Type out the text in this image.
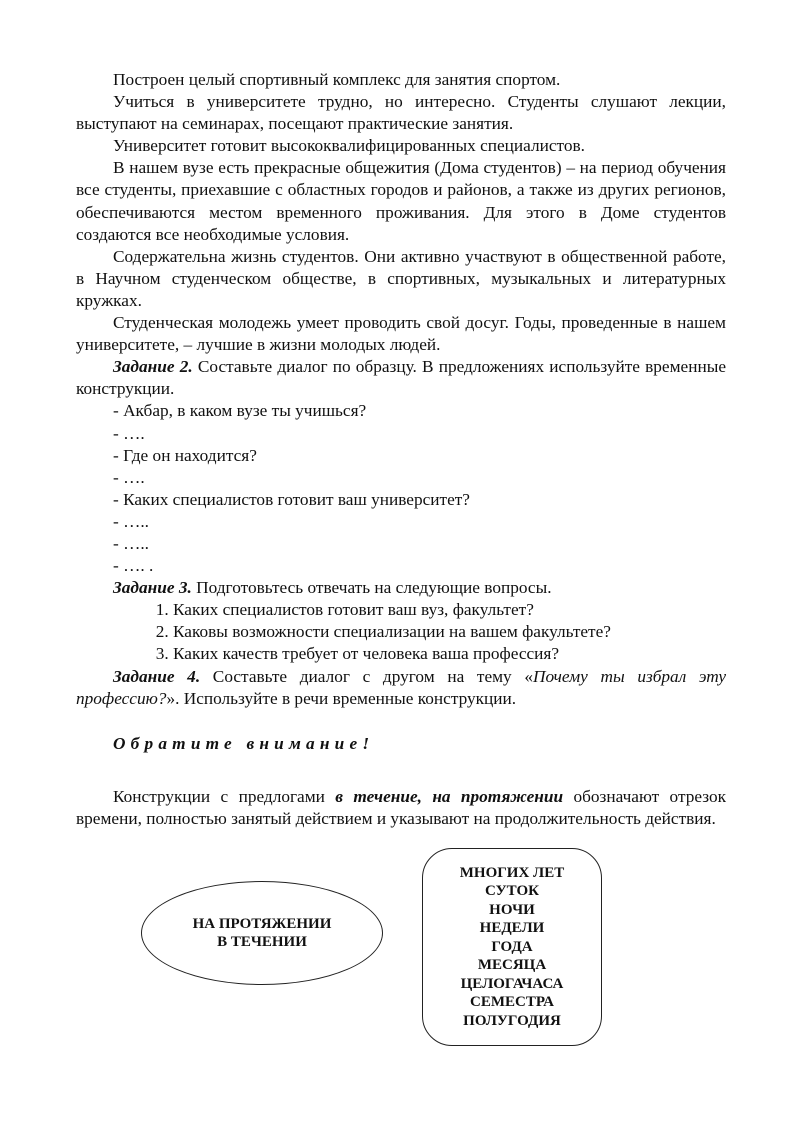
Построен целый спортивный комплекс для занятия спортом.

Учиться в университете трудно, но интересно. Студенты слушают лекции, выступают на семинарах, посещают практические занятия.

Университет готовит высококвалифицированных специалистов.

В нашем вузе есть прекрасные общежития (Дома студентов) – на период обучения все студенты, приехавшие с областных городов и районов, а также из других регионов, обеспечиваются местом временного проживания. Для этого в Доме студентов создаются все необходимые условия.

Содержательна жизнь студентов. Они активно участвуют в общественной работе, в Научном студенческом обществе, в спортивных, музыкальных и литературных кружках.

Студенческая молодежь умеет проводить свой досуг. Годы, проведенные в нашем университете, – лучшие в жизни молодых людей.

Задание 2. Составьте диалог по образцу. В предложениях используйте временные конструкции.

- Акбар, в каком вузе ты учишься?

- ….

- Где он находится?

- ….

- Каких специалистов готовит ваш университет?

- …..

- …..

- …. .

Задание 3. Подготовьтесь отвечать на следующие вопросы.

1. Каких специалистов готовит ваш вуз, факультет?
2. Каковы возможности специализации на вашем факультете?
3. Каких качеств требует от человека ваша профессия?

Задание 4. Составьте диалог с другом на тему «Почему ты избрал эту профессию?». Используйте в речи временные конструкции.

Обратите внимание!

Конструкции с предлогами в течение, на протяжении обозначают отрезок времени, полностью занятый действием и указывают на продолжительность действия.

НА ПРОТЯЖЕНИИ
В ТЕЧЕНИИ
МНОГИХ ЛЕТ
СУТОК
НОЧИ
НЕДЕЛИ
ГОДА
МЕСЯЦА
ЦЕЛОГАЧАСА
СЕМЕСТРА
ПОЛУГОДИЯ
